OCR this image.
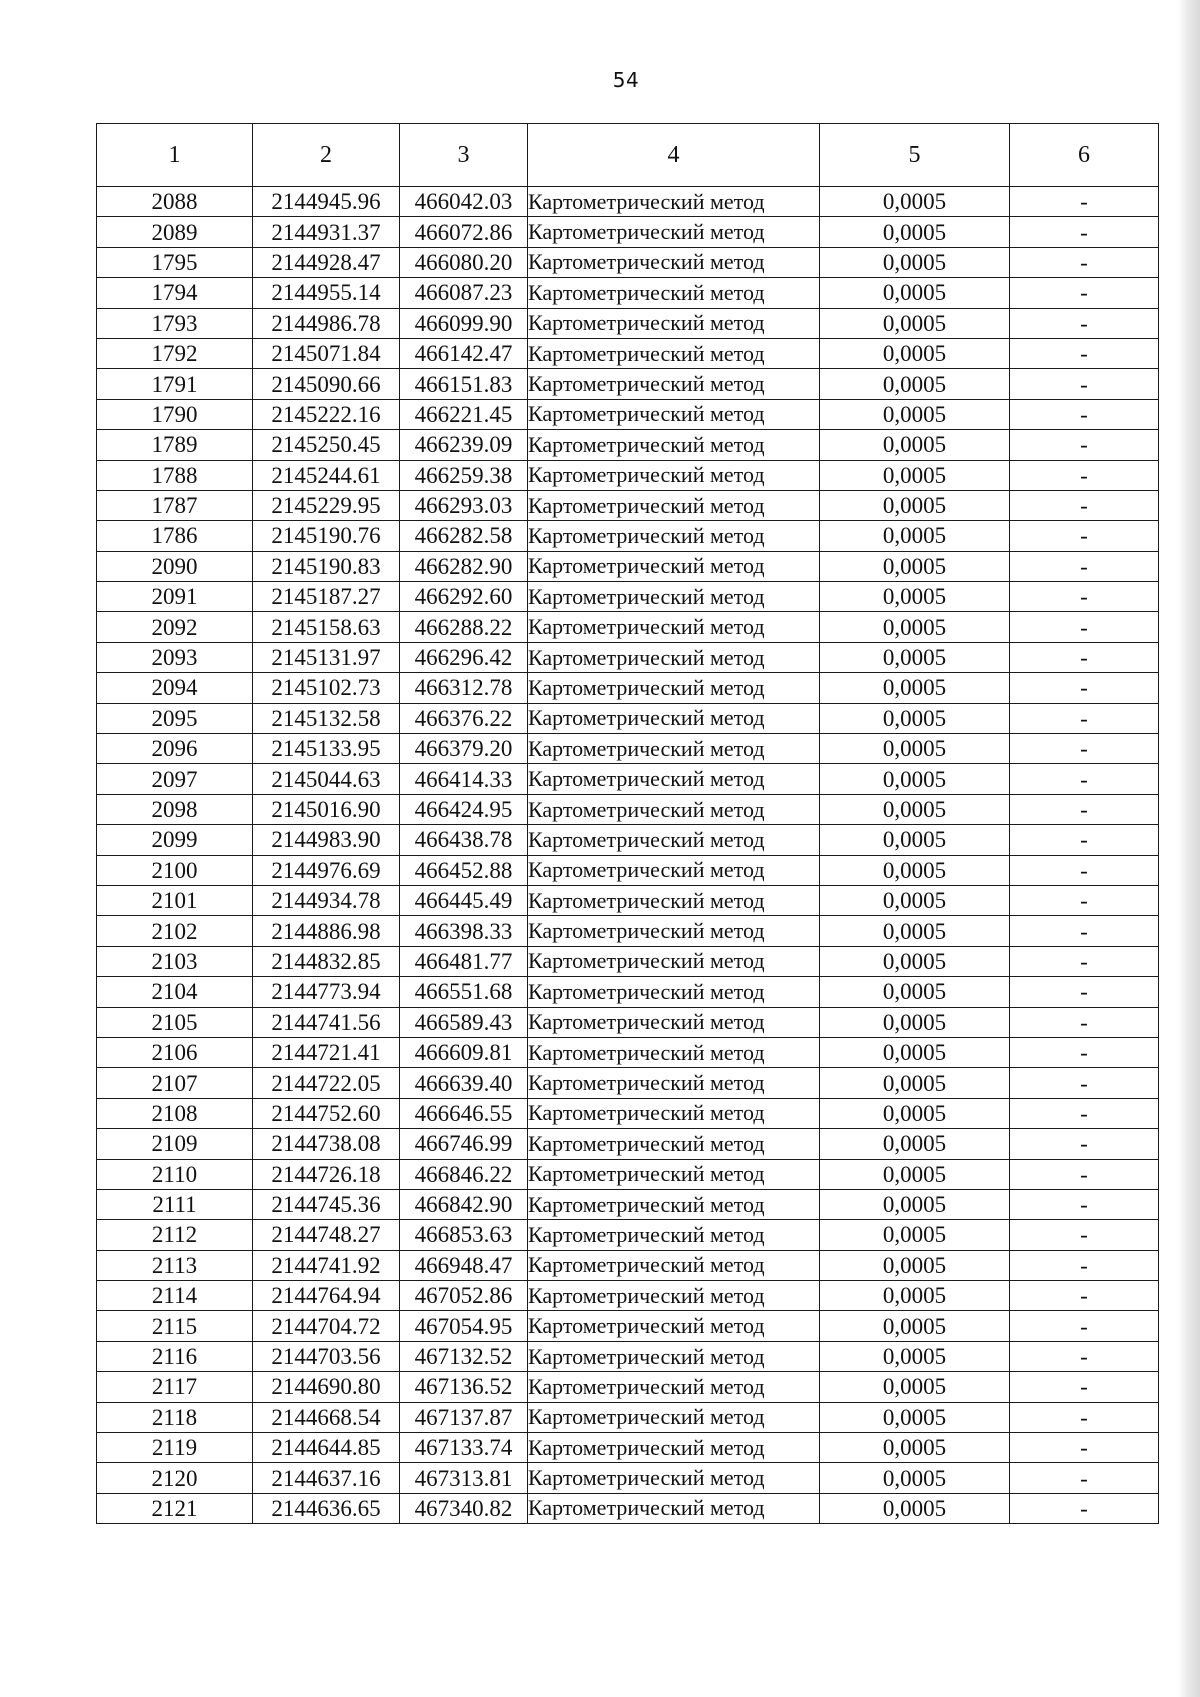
54
1	2	3	4	5	6
2088	2144945.96	466042.03	Картометрический метод	0,0005	-
2089	2144931.37	466072.86	Картометрический метод	0,0005	-
1795	2144928.47	466080.20	Картометрический метод	0,0005	-
1794	2144955.14	466087.23	Картометрический метод	0,0005	-
1793	2144986.78	466099.90	Картометрический метод	0,0005	-
1792	2145071.84	466142.47	Картометрический метод	0,0005	-
1791	2145090.66	466151.83	Картометрический метод	0,0005	-
1790	2145222.16	466221.45	Картометрический метод	0,0005	-
1789	2145250.45	466239.09	Картометрический метод	0,0005	-
1788	2145244.61	466259.38	Картометрический метод	0,0005	-
1787	2145229.95	466293.03	Картометрический метод	0,0005	-
1786	2145190.76	466282.58	Картометрический метод	0,0005	-
2090	2145190.83	466282.90	Картометрический метод	0,0005	-
2091	2145187.27	466292.60	Картометрический метод	0,0005	-
2092	2145158.63	466288.22	Картометрический метод	0,0005	-
2093	2145131.97	466296.42	Картометрический метод	0,0005	-
2094	2145102.73	466312.78	Картометрический метод	0,0005	-
2095	2145132.58	466376.22	Картометрический метод	0,0005	-
2096	2145133.95	466379.20	Картометрический метод	0,0005	-
2097	2145044.63	466414.33	Картометрический метод	0,0005	-
2098	2145016.90	466424.95	Картометрический метод	0,0005	-
2099	2144983.90	466438.78	Картометрический метод	0,0005	-
2100	2144976.69	466452.88	Картометрический метод	0,0005	-
2101	2144934.78	466445.49	Картометрический метод	0,0005	-
2102	2144886.98	466398.33	Картометрический метод	0,0005	-
2103	2144832.85	466481.77	Картометрический метод	0,0005	-
2104	2144773.94	466551.68	Картометрический метод	0,0005	-
2105	2144741.56	466589.43	Картометрический метод	0,0005	-
2106	2144721.41	466609.81	Картометрический метод	0,0005	-
2107	2144722.05	466639.40	Картометрический метод	0,0005	-
2108	2144752.60	466646.55	Картометрический метод	0,0005	-
2109	2144738.08	466746.99	Картометрический метод	0,0005	-
2110	2144726.18	466846.22	Картометрический метод	0,0005	-
2111	2144745.36	466842.90	Картометрический метод	0,0005	-
2112	2144748.27	466853.63	Картометрический метод	0,0005	-
2113	2144741.92	466948.47	Картометрический метод	0,0005	-
2114	2144764.94	467052.86	Картометрический метод	0,0005	-
2115	2144704.72	467054.95	Картометрический метод	0,0005	-
2116	2144703.56	467132.52	Картометрический метод	0,0005	-
2117	2144690.80	467136.52	Картометрический метод	0,0005	-
2118	2144668.54	467137.87	Картометрический метод	0,0005	-
2119	2144644.85	467133.74	Картометрический метод	0,0005	-
2120	2144637.16	467313.81	Картометрический метод	0,0005	-
2121	2144636.65	467340.82	Картометрический метод	0,0005	-
